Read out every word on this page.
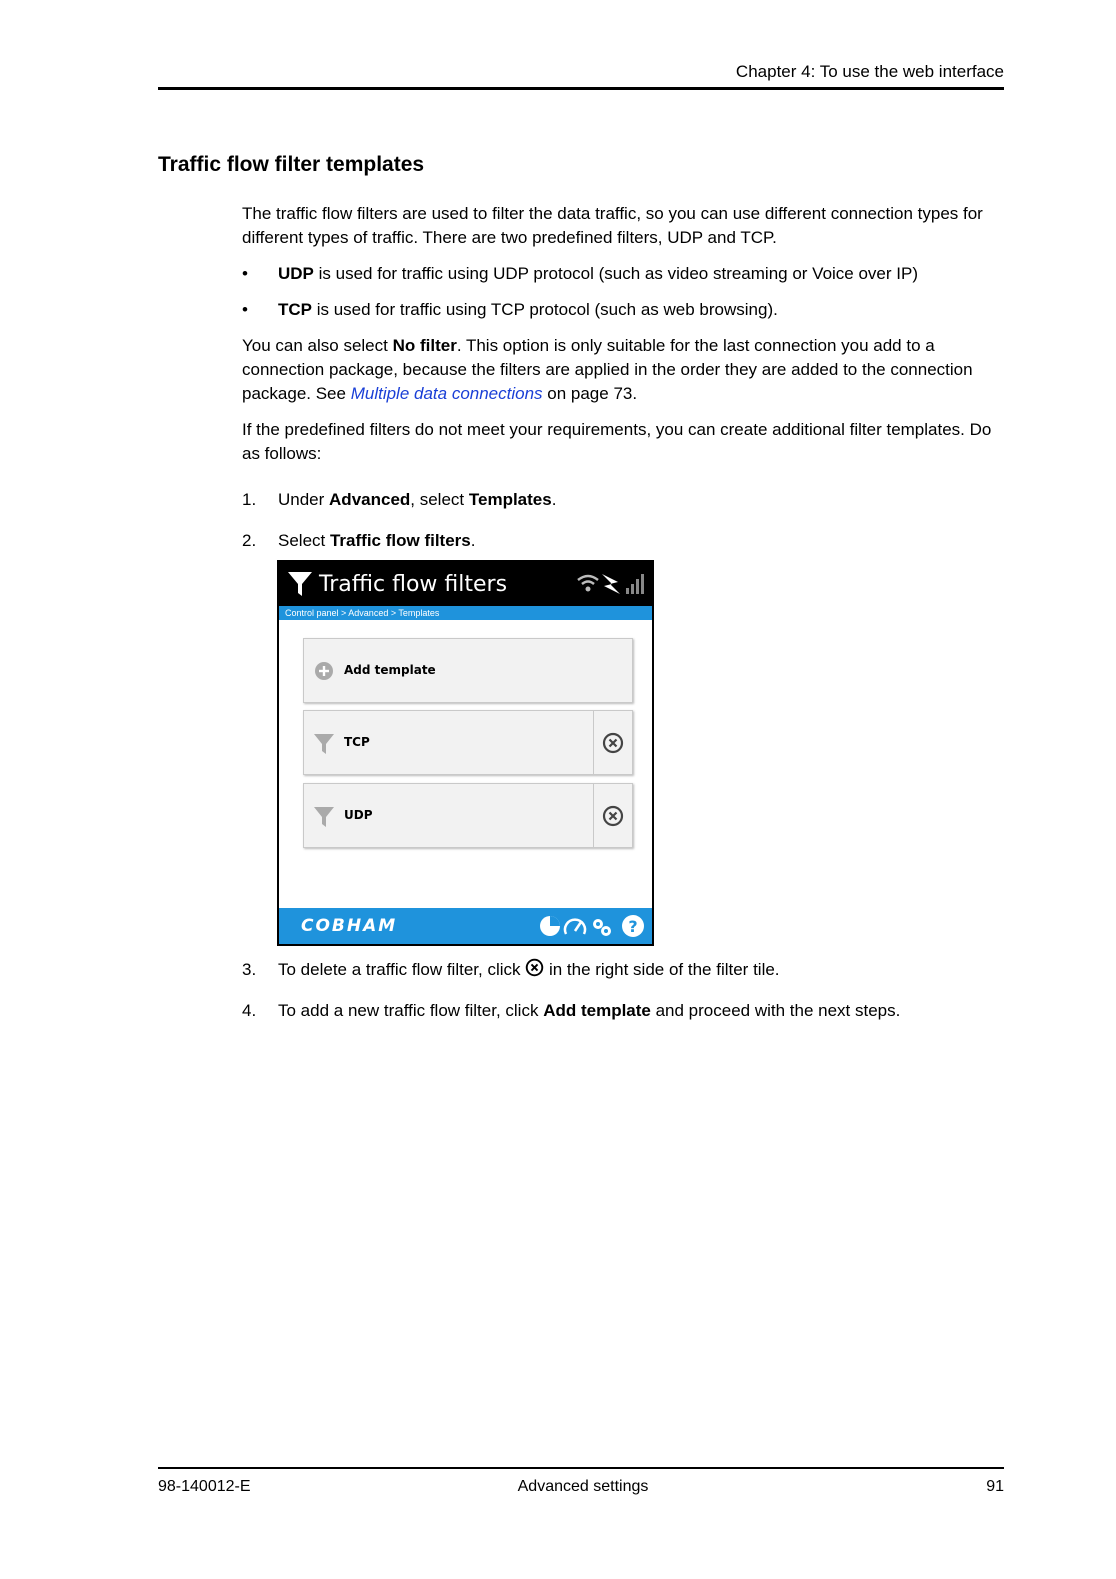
Chapter 4: To use the web interface
Traffic flow filter templates

The traffic flow filters are used to filter the data traffic, so you can use different connection types for different types of traffic. There are two predefined filters, UDP and TCP.

• UDP is used for traffic using UDP protocol (such as video streaming or Voice over IP)
• TCP is used for traffic using TCP protocol (such as web browsing).

You can also select No filter. This option is only suitable for the last connection you add to a connection package, because the filters are applied in the order they are added to the connection package. See Multiple data connections on page 73.

If the predefined filters do not meet your requirements, you can create additional filter templates. Do as follows:

1. Under Advanced, select Templates.
2. Select Traffic flow filters.
Traffic flow filters
Control panel > Advanced > Templates
Add template
TCP
UDP
COBHAM	?
3. To delete a traffic flow filter, click  in the right side of the filter tile.
4. To add a new traffic flow filter, click Add template and proceed with the next steps.
98-140012-E	Advanced settings	91
